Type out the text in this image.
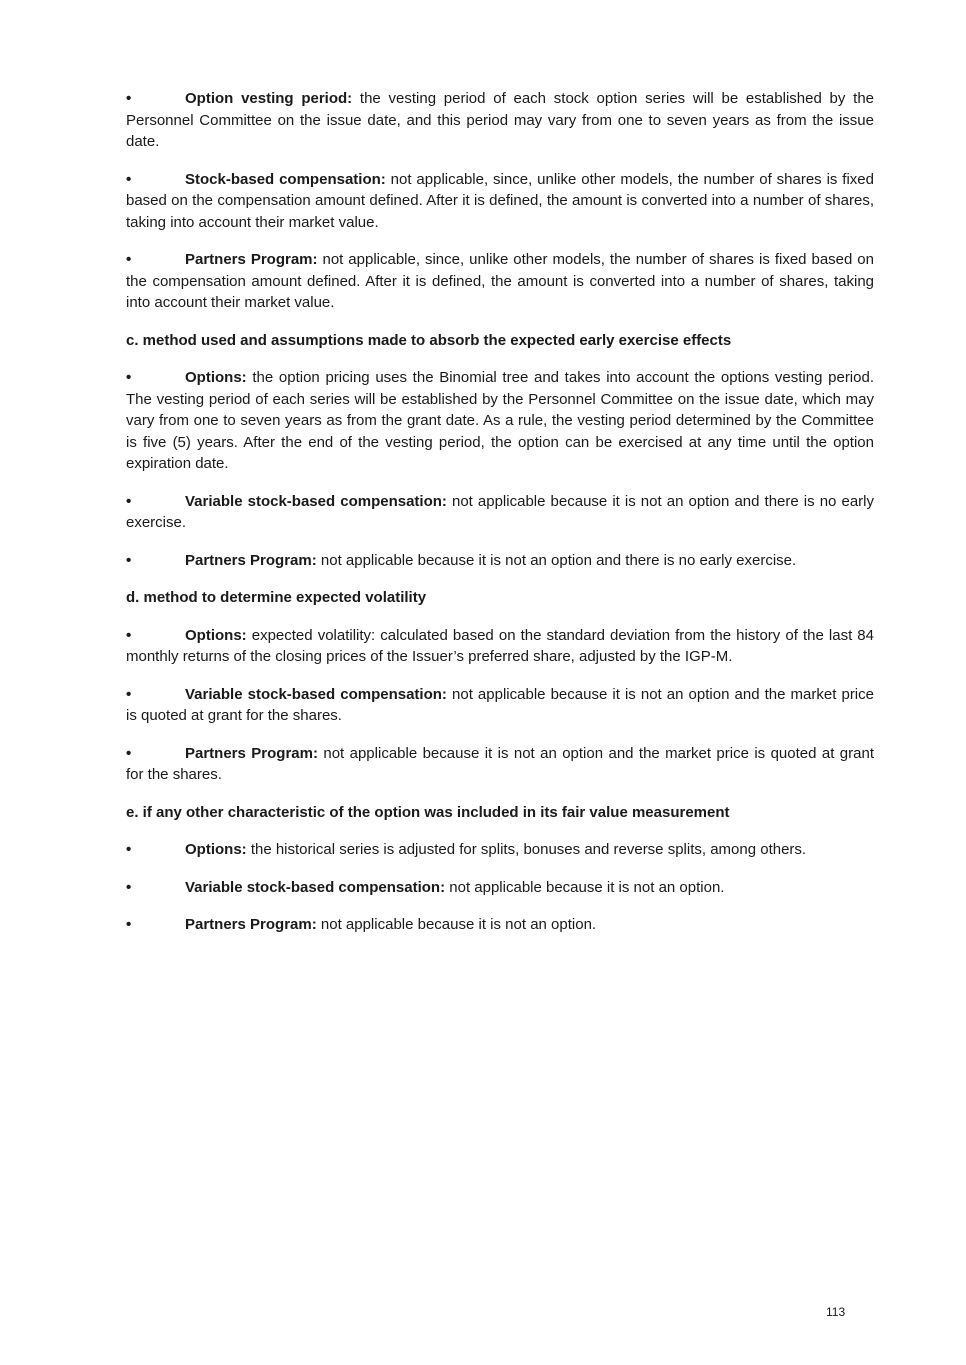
•	Option vesting period: the vesting period of each stock option series will be established by the Personnel Committee on the issue date, and this period may vary from one to seven years as from the issue date.

•	Stock-based compensation: not applicable, since, unlike other models, the number of shares is fixed based on the compensation amount defined. After it is defined, the amount is converted into a number of shares, taking into account their market value.

•	Partners Program: not applicable, since, unlike other models, the number of shares is fixed based on the compensation amount defined. After it is defined, the amount is converted into a number of shares, taking into account their market value.

c. method used and assumptions made to absorb the expected early exercise effects

•	Options: the option pricing uses the Binomial tree and takes into account the options vesting period. The vesting period of each series will be established by the Personnel Committee on the issue date, which may vary from one to seven years as from the grant date. As a rule, the vesting period determined by the Committee is five (5) years. After the end of the vesting period, the option can be exercised at any time until the option expiration date.

•	Variable stock-based compensation: not applicable because it is not an option and there is no early exercise.

•	Partners Program: not applicable because it is not an option and there is no early exercise.

d. method to determine expected volatility

•	Options: expected volatility: calculated based on the standard deviation from the history of the last 84 monthly returns of the closing prices of the Issuer’s preferred share, adjusted by the IGP-M.

•	Variable stock-based compensation: not applicable because it is not an option and the market price is quoted at grant for the shares.

•	Partners Program: not applicable because it is not an option and the market price is quoted at grant for the shares.

e. if any other characteristic of the option was included in its fair value measurement

•	Options: the historical series is adjusted for splits, bonuses and reverse splits, among others.

•	Variable stock-based compensation: not applicable because it is not an option.

•	Partners Program: not applicable because it is not an option.

113
